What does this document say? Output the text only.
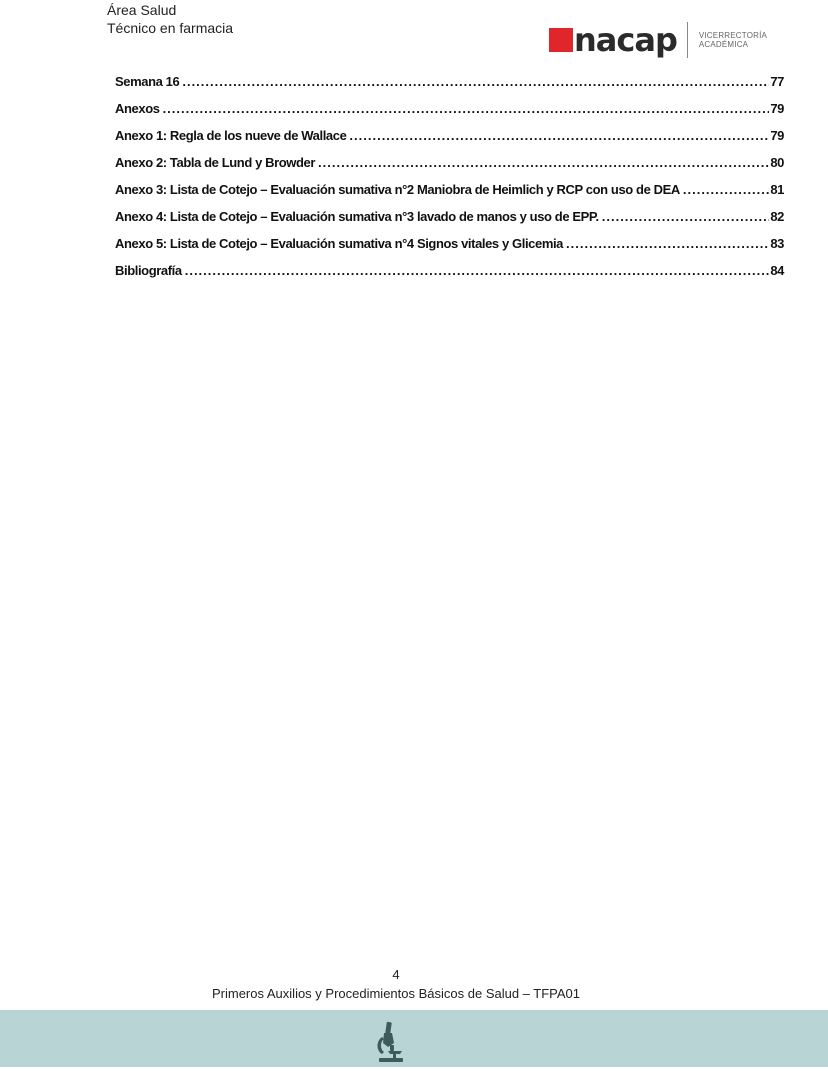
Área Salud
Técnico en farmacia	nacap	VICERRECTORÍA
ACADÉMICA
Semana 16 .....	77
Anexos .....	79
Anexo 1: Regla de los nueve de Wallace .....	79
Anexo 2: Tabla de Lund y Browder .....	80
Anexo 3: Lista de Cotejo – Evaluación sumativa n°2 Maniobra de Heimlich y RCP con uso de DEA .....	81
Anexo 4: Lista de Cotejo – Evaluación sumativa n°3 lavado de manos y uso de EPP. .....	82
Anexo 5: Lista de Cotejo – Evaluación sumativa n°4 Signos vitales y Glicemia .....	83
Bibliografía .....	84
4
Primeros Auxilios y Procedimientos Básicos de Salud – TFPA01
